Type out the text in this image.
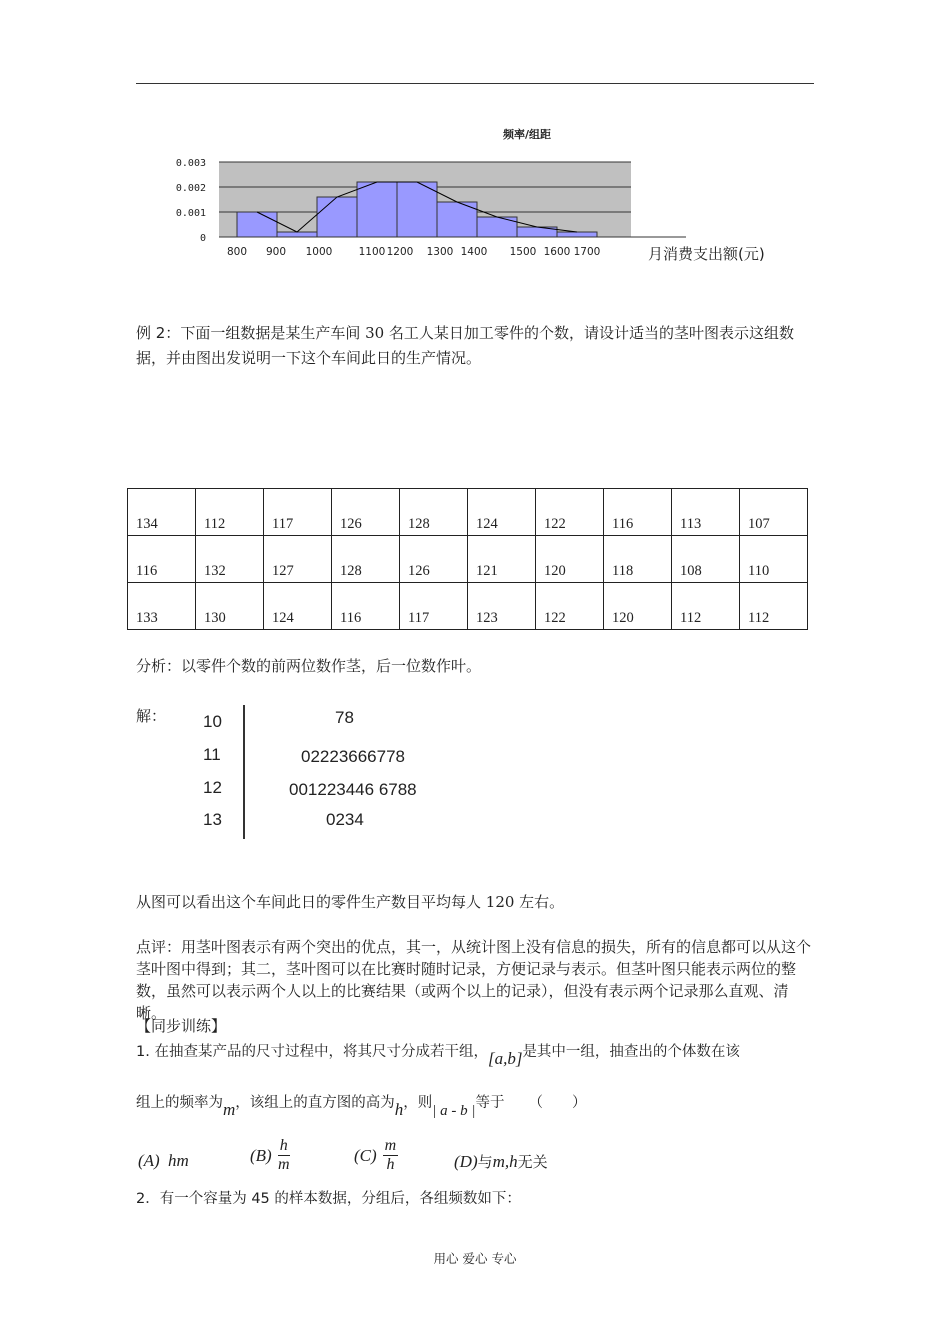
频率/组距
0.003
0.002
0.001
0
800 900 1000	1100 1200 1300 1400 1500 1600 1700	月消费支出额(元)
例 2：下面一组数据是某生产车间 30 名工人某日加工零件的个数，请设计适当的茎叶图表示这组数据，并由图出发说明一下这个车间此日的生产情况。
134	112	117	126	128	124	122	116	113	107
116	132	127	128	126	121	120	118	108	110
133	130	124	116	117	123	122	120	112	112
分析：以零件个数的前两位数作茎，后一位数作叶。
解： 10	78
11	02223666778
12	001223446 6788
13	0234
从图可以看出这个车间此日的零件生产数目平均每人 120 左右。
点评：用茎叶图表示有两个突出的优点，其一，从统计图上没有信息的损失，所有的信息都可以从这个茎叶图中得到；其二，茎叶图可以在比赛时随时记录，方便记录与表示。但茎叶图只能表示两位的整数，虽然可以表示两个人以上的比赛结果（或两个以上的记录），但没有表示两个记录那么直观、清晰。
【同步训练】
1. 在抽查某产品的尺寸过程中，将其尺寸分成若干组，[a,b]是其中一组，抽查出的个体数在该
组上的频率为m，该组上的直方图的高为h，则| a - b |等于 （　　）
(A) hm	$(B) \frac{h}{m}$	$(C) \frac{m}{h}$	(D)与m,h无关
2．有一个容量为 45 的样本数据，分组后，各组频数如下：
用心 爱心 专心
